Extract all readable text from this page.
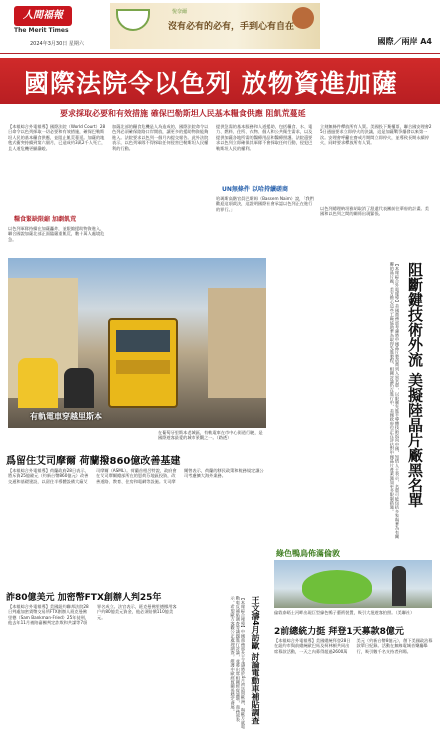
人間福報
The Merit Times
2024年3月30日 星期六
悅奈爾
沒有必有的必有，手到心有自在
國際／兩岸 A4
國際法院令以色列 放物資進加薩
要求採取必要和有效措施 確保巴勒斯坦人民基本糧食供應 阻飢荒蔓延
【本報綜合外電報導】國際法院（World Court）28日命令以色列採取一切必要和有效措施，確保巴勒斯坦人民的基本糧食供應，並阻止飢荒蔓延。加薩的地毯式衝突持續到第六個月，已造成約3萬2千人死亡，且人道危機更顯嚴峻。
糧食緊缺限縮 加劇飢荒
以色列軍隊持續在加薩轟炸，並限縮援助物資進入，聯合國說加薩北部正面臨嚴重飢荒，數十萬人處境危急。
加薩北部的糧食危機是人為造成的，國際法院命令以色列必須確保陸路口岸開放，讓更多的援助物資能夠進入。法院要求以色列一個月內提交報告。此外法院表示，以色列軍隊不得採取任何侵害巴勒斯坦人民權利的行動。
提供急需的基本服務和人道援助，包括糧食、水、電力、燃料、住所、衣物、個人和公共衛生需求，以及提供加薩各地所需的醫療用品和醫療照護。法院還要求以色列立即確保其軍隊不會採取任何行動，侵犯巴勒斯坦人民的權利。
UN無條件 以哈持續磋商
哈瑪斯高階官員巴斯姆（Bassem Naim）說，「我們歡迎這項裁決，這證明國際社會承認以色列正在進行的罪行。」
立刻無條件釋放所有人質。美國投下棄權票，聯合國安理會25日通過要求立即停火的決議，這是加薩戰爭爆發以來第一次。安理會呼籲在齋戒月期間立即停火，並導致長期永續停火，同時要求釋放所有人質。
以色列總理納坦雅胡取消了派遣代表團前往華府的計畫。美國和以色列之間的關係出現緊張。
有軌電車穿越里斯本
在葡萄牙里斯本老城區，有軌電車在市中心街道行駛，是國際遊客最愛的城市景觀之一。（路透）
爲留住艾司摩爾 荷蘭撥860億改善基建
【本報綜合外電報導】荷蘭政府28日表示，將斥資25億歐元（約新台幣860億元）改善交通和基礎建設，以留住半導體設備大廠艾司摩爾（ASML）。荷蘭首相呂特說，政府會在艾司摩爾總部所在的恩荷芬地區投資，改善道路、教育、住房和電網等設施。艾司摩爾曾表示，荷蘭的移民政策和稅務規定讓公司考慮擴大海外業務。
詐80億美元 加密幣FTX創辦人判25年
【本報綜合外電報導】美國紐約聯邦法院28日判處加密貨幣交易所FTX創辦人班克曼佛里德（Sam Bankman-Fried）25年徒刑，他去年11月被陪審團判定詐欺和共謀等7項罪名成立。法官表示，班克曼佛里德挪用客戶約80億美元資金，他必須賠償110億美元。	王文濤4月訪歐 討論電動車補貼調查
【本報綜合報導】中國商務部長王文濤將於4月初訪問歐洲，與歐方就電動車反補貼調查等議題進行討論，並將出席相關經貿論壇，商務部表示，希望歐方客觀公正處理調查，維護中歐經貿關係穩定發展。
阻斷鍵技術外流 美擬陸晶片廠黑名單
【本報綜合外電報導】美國商務部考慮將中國晶片製造商列入黑名單，以限制先進半導體技術流向中國，知情人士表示，名單可能包括多家與華為有關聯的晶片廠，美方擔心這些工廠協助華為取得先進製程，相關討論仍在進行中，美國政府也正在評估對中國晶片產業施加更多限制措施。
綠色鴨鳥佈滿倫敦
倫敦泰晤士河畔出現巨型綠色鴨子藝術裝置，吸引大批遊客拍照。（美聯社）
2前總統力挺 拜登1天募款8億元
【本報綜合外電報導】美國總統拜登28日在紐約市與前總統歐巴馬及柯林頓共同出席募款活動，一天之內募得超過2600萬美元（約新台幣8億元），創下美國政治募款單日紀錄。活動在無線電城音樂廳舉行，吸引數千名支持者到場。
